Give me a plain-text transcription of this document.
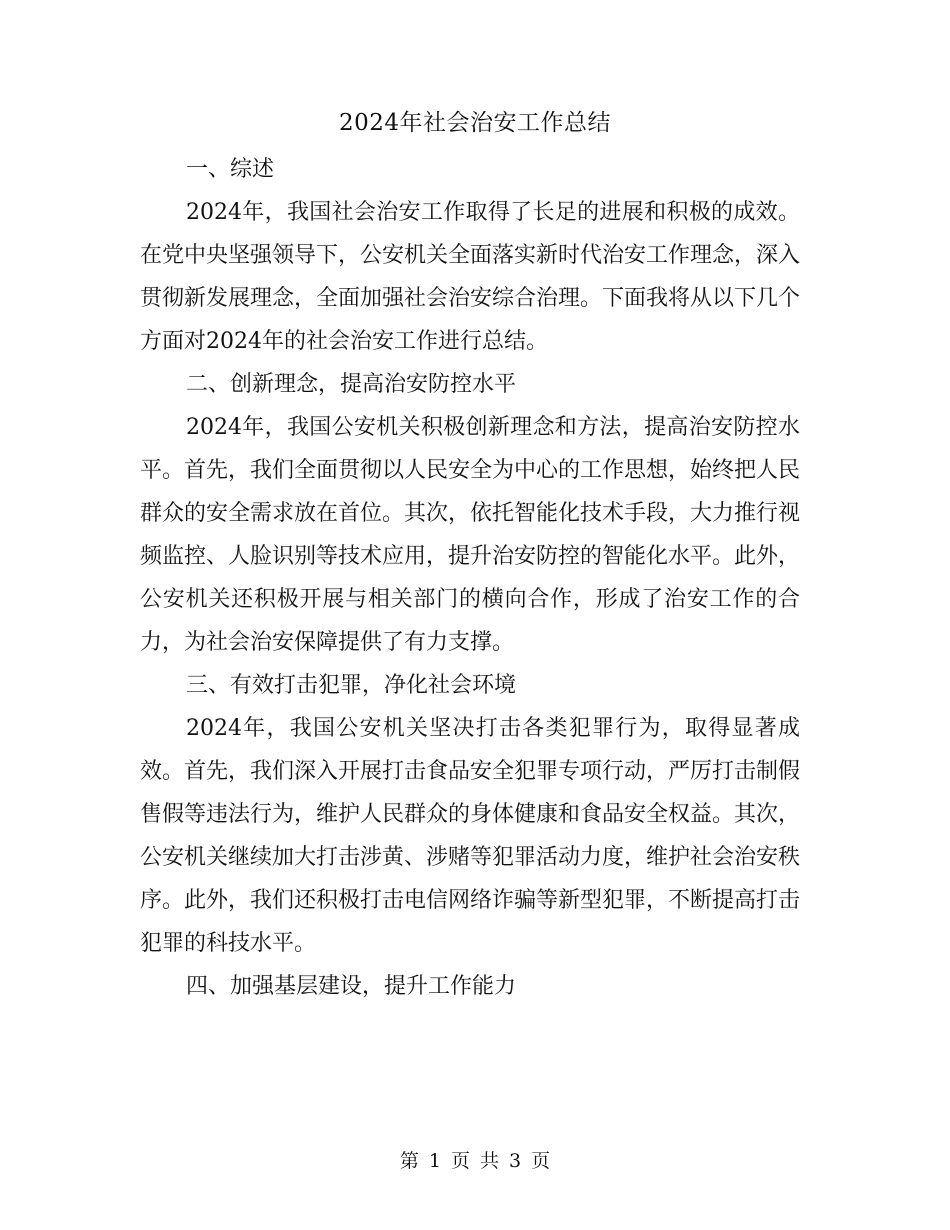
2024年社会治安工作总结

一、综述

2024年，我国社会治安工作取得了长足的进展和积极的成效。在党中央坚强领导下，公安机关全面落实新时代治安工作理念，深入贯彻新发展理念，全面加强社会治安综合治理。下面我将从以下几个方面对2024年的社会治安工作进行总结。

二、创新理念，提高治安防控水平

2024年，我国公安机关积极创新理念和方法，提高治安防控水平。首先，我们全面贯彻以人民安全为中心的工作思想，始终把人民群众的安全需求放在首位。其次，依托智能化技术手段，大力推行视频监控、人脸识别等技术应用，提升治安防控的智能化水平。此外，公安机关还积极开展与相关部门的横向合作，形成了治安工作的合力，为社会治安保障提供了有力支撑。

三、有效打击犯罪，净化社会环境

2024年，我国公安机关坚决打击各类犯罪行为，取得显著成效。首先，我们深入开展打击食品安全犯罪专项行动，严厉打击制假售假等违法行为，维护人民群众的身体健康和食品安全权益。其次，公安机关继续加大打击涉黄、涉赌等犯罪活动力度，维护社会治安秩序。此外，我们还积极打击电信网络诈骗等新型犯罪，不断提高打击犯罪的科技水平。

四、加强基层建设，提升工作能力

第 1 页 共 3 页
